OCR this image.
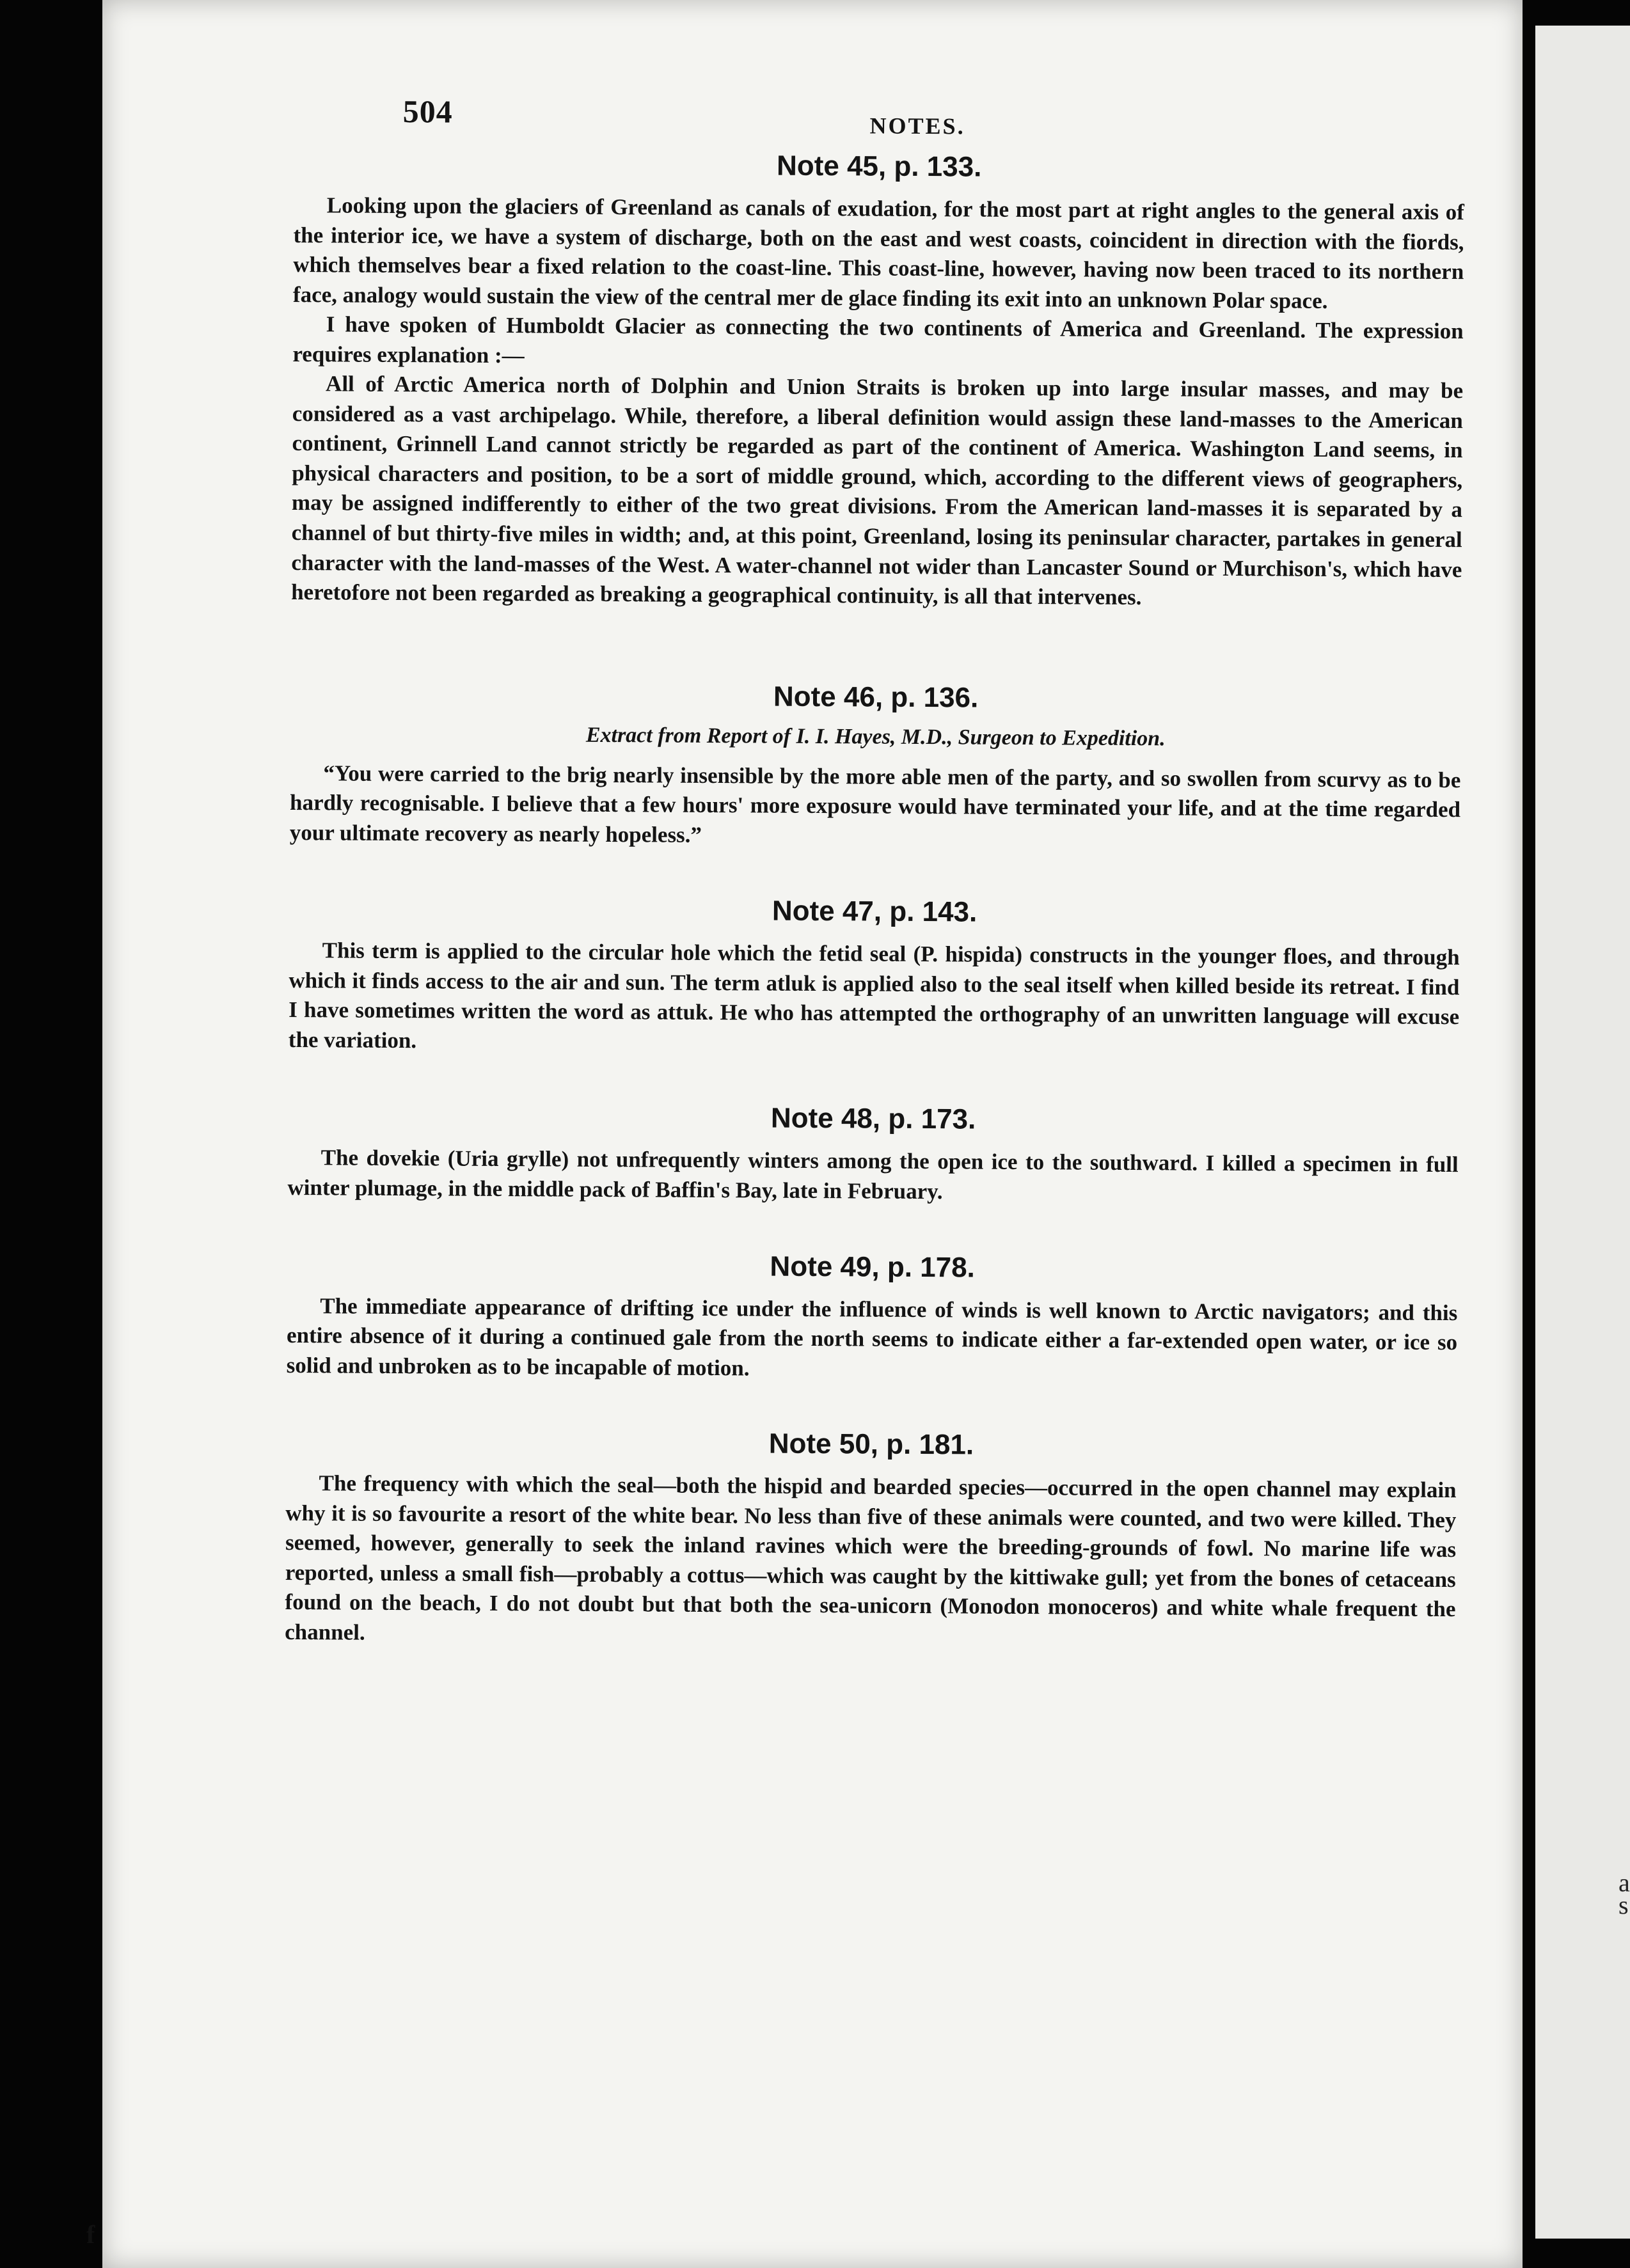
504	NOTES.
Note 45, p. 133.

Looking upon the glaciers of Greenland as canals of exudation, for the most part at right angles to the general axis of the interior ice, we have a system of discharge, both on the east and west coasts, coincident in direction with the fiords, which themselves bear a fixed relation to the coast-line. This coast-line, however, having now been traced to its northern face, analogy would sustain the view of the central mer de glace finding its exit into an unknown Polar space.

I have spoken of Humboldt Glacier as connecting the two continents of America and Greenland. The expression requires explanation :—

All of Arctic America north of Dolphin and Union Straits is broken up into large insular masses, and may be considered as a vast archipelago. While, therefore, a liberal definition would assign these land-masses to the American continent, Grinnell Land cannot strictly be regarded as part of the continent of America. Washington Land seems, in physical characters and position, to be a sort of middle ground, which, according to the different views of geographers, may be assigned indifferently to either of the two great divisions. From the American land-masses it is separated by a channel of but thirty-five miles in width; and, at this point, Greenland, losing its peninsular character, partakes in general character with the land-masses of the West. A water-channel not wider than Lancaster Sound or Murchison's, which have heretofore not been regarded as breaking a geographical continuity, is all that intervenes.

Note 46, p. 136.
Extract from Report of I. I. Hayes, M.D., Surgeon to Expedition.

“You were carried to the brig nearly insensible by the more able men of the party, and so swollen from scurvy as to be hardly recognisable. I believe that a few hours' more exposure would have terminated your life, and at the time regarded your ultimate recovery as nearly hopeless.”

Note 47, p. 143.

This term is applied to the circular hole which the fetid seal (P. hispida) constructs in the younger floes, and through which it finds access to the air and sun. The term atluk is applied also to the seal itself when killed beside its retreat. I find I have sometimes written the word as attuk. He who has attempted the orthography of an unwritten language will excuse the variation.

Note 48, p. 173.

The dovekie (Uria grylle) not unfrequently winters among the open ice to the southward. I killed a specimen in full winter plumage, in the middle pack of Baffin's Bay, late in February.

Note 49, p. 178.

The immediate appearance of drifting ice under the influence of winds is well known to Arctic navigators; and this entire absence of it during a continued gale from the north seems to indicate either a far-extended open water, or ice so solid and unbroken as to be incapable of motion.

Note 50, p. 181.

The frequency with which the seal—both the hispid and bearded species—occurred in the open channel may explain why it is so favourite a resort of the white bear. No less than five of these animals were counted, and two were killed. They seemed, however, generally to seek the inland ravines which were the breeding-grounds of fowl. No marine life was reported, unless a small fish—probably a cottus—which was caught by the kittiwake gull; yet from the bones of cetaceans found on the beach, I do not doubt but that both the sea-unicorn (Monodon monoceros) and white whale frequent the channel.

a
s
f
